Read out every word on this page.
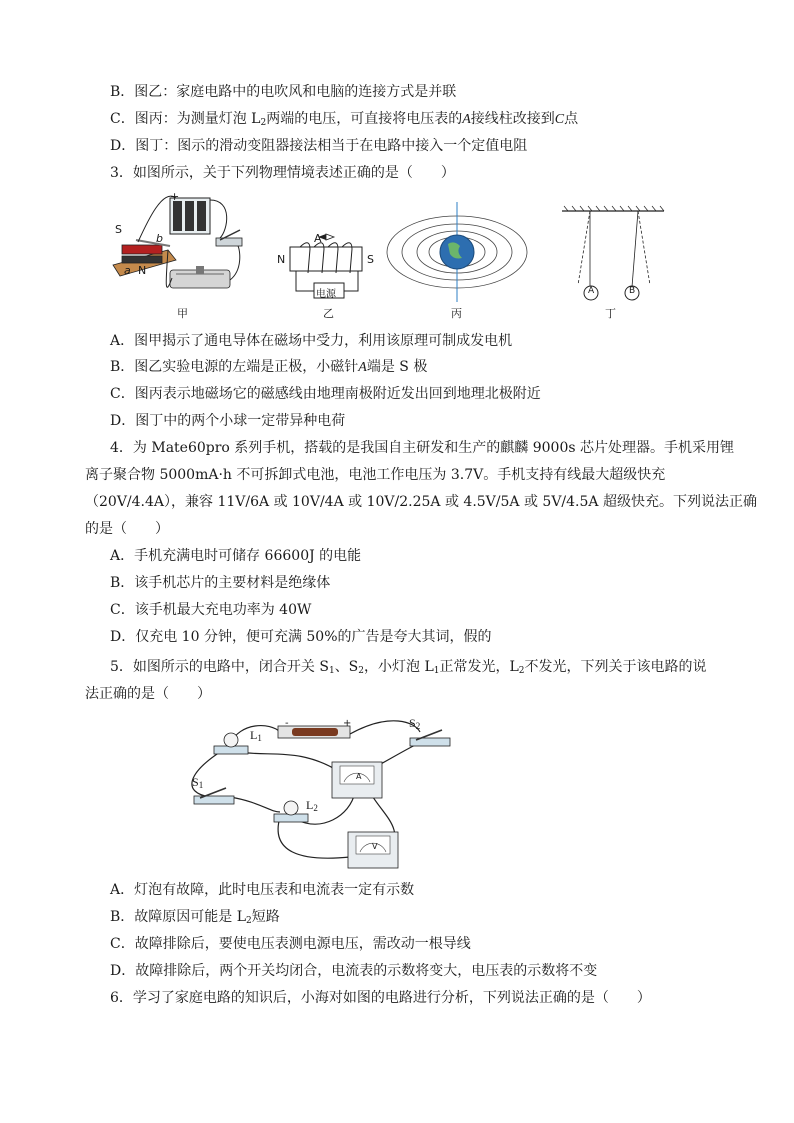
B．图乙：家庭电路中的电吹风和电脑的连接方式是并联
C．图丙：为测量灯泡 $L_2$两端的电压，可直接将电压表的A接线柱改接到C点
D．图丁：图示的滑动变阻器接法相当于在电路中接入一个定值电阻
3．如图所示，关于下列物理情境表述正确的是（　　）
+
S
b
a N
甲
A
N	S
电源
乙	丙
A	B
丁
A．图甲揭示了通电导体在磁场中受力，利用该原理可制成发电机
B．图乙实验电源的左端是正极，小磁针A端是 S 极
C．图丙表示地磁场它的磁感线由地理南极附近发出回到地理北极附近
D．图丁中的两个小球一定带异种电荷
4．为 Mate60pro 系列手机，搭载的是我国自主研发和生产的麒麟 9000s 芯片处理器。手机采用锂
离子聚合物 5000mA·h 不可拆卸式电池，电池工作电压为 3.7V。手机支持有线最大超级快充
（20V/4.4A），兼容 11V/6A 或 10V/4A 或 10V/2.25A 或 4.5V/5A 或 5V/4.5A 超级快充。下列说法正确
的是（　　）
A．手机充满电时可储存 66600J 的电能
B．该手机芯片的主要材料是绝缘体
C．该手机最大充电功率为 40W
D．仅充电 10 分钟，便可充满 50%的广告是夸大其词，假的
5．如图所示的电路中，闭合开关 $S_1$、$S_2$，小灯泡 $L_1$正常发光，$L_2$不发光，下列关于该电路的说
法正确的是（　　）
$L_1$
$S_2$
$S_1$
$L_2$
-	+
A
V
A．灯泡有故障，此时电压表和电流表一定有示数
B．故障原因可能是 $L_2$短路
C．故障排除后，要使电压表测电源电压，需改动一根导线
D．故障排除后，两个开关均闭合，电流表的示数将变大，电压表的示数将不变
6．学习了家庭电路的知识后，小海对如图的电路进行分析，下列说法正确的是（　　）
